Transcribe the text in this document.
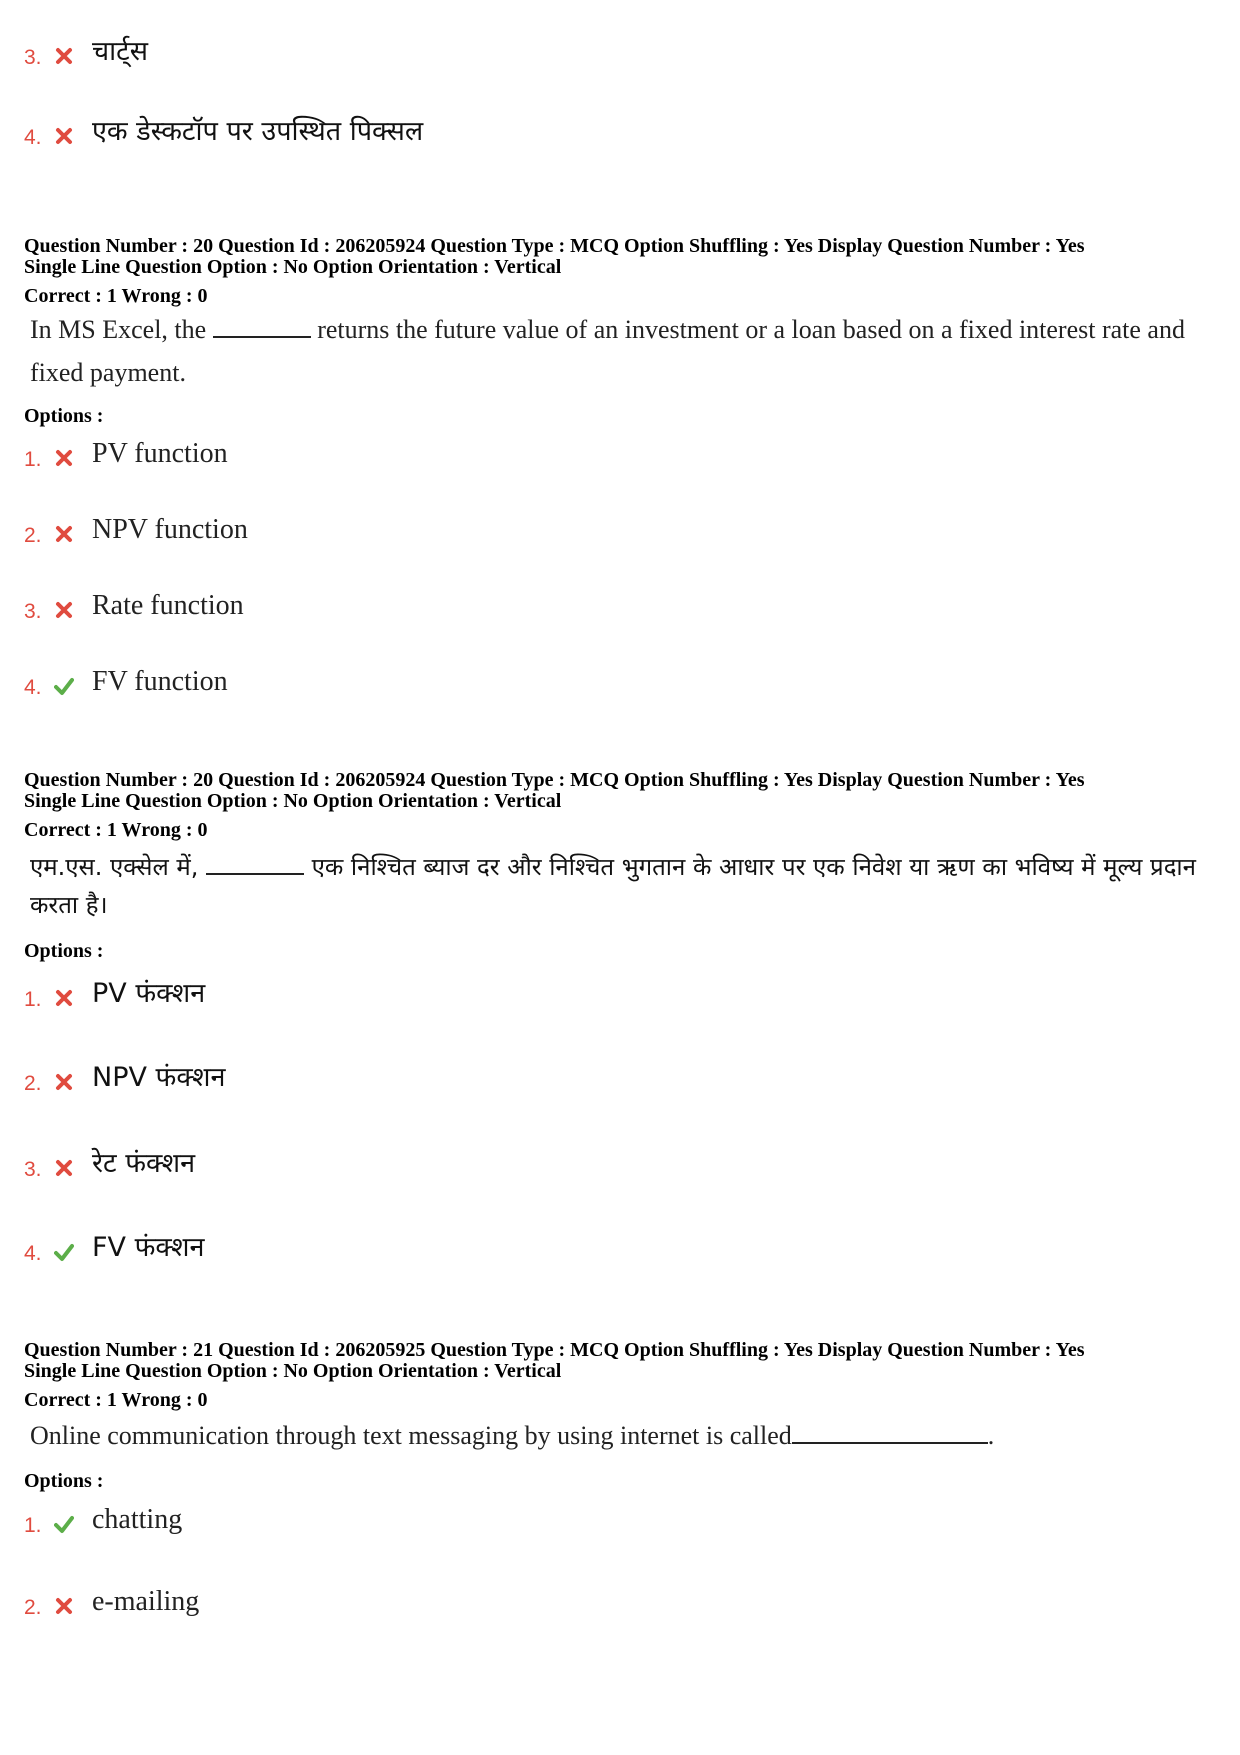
3. चार्ट्स
4. एक डेस्कटॉप पर उपस्थित पिक्सल
Question Number : 20 Question Id : 206205924 Question Type : MCQ Option Shuffling : Yes Display Question Number : Yes
Single Line Question Option : No Option Orientation : Vertical
Correct : 1 Wrong : 0
In MS Excel, the	returns the future value of an investment or a loan based on a fixed interest rate and fixed payment.
Options :
1. PV function
2. NPV function
3. Rate function
4. FV function
Question Number : 20 Question Id : 206205924 Question Type : MCQ Option Shuffling : Yes Display Question Number : Yes
Single Line Question Option : No Option Orientation : Vertical
Correct : 1 Wrong : 0
एम.एस. एक्सेल में,	एक निश्चित ब्याज दर और निश्चित भुगतान के आधार पर एक निवेश या ऋण का भविष्य में मूल्य प्रदान करता है।
Options :
1. PV फंक्शन
2. NPV फंक्शन
3. रेट फंक्शन
4. FV फंक्शन
Question Number : 21 Question Id : 206205925 Question Type : MCQ Option Shuffling : Yes Display Question Number : Yes
Single Line Question Option : No Option Orientation : Vertical
Correct : 1 Wrong : 0
Online communication through text messaging by using internet is called	.
Options :
1. chatting
2. e-mailing
